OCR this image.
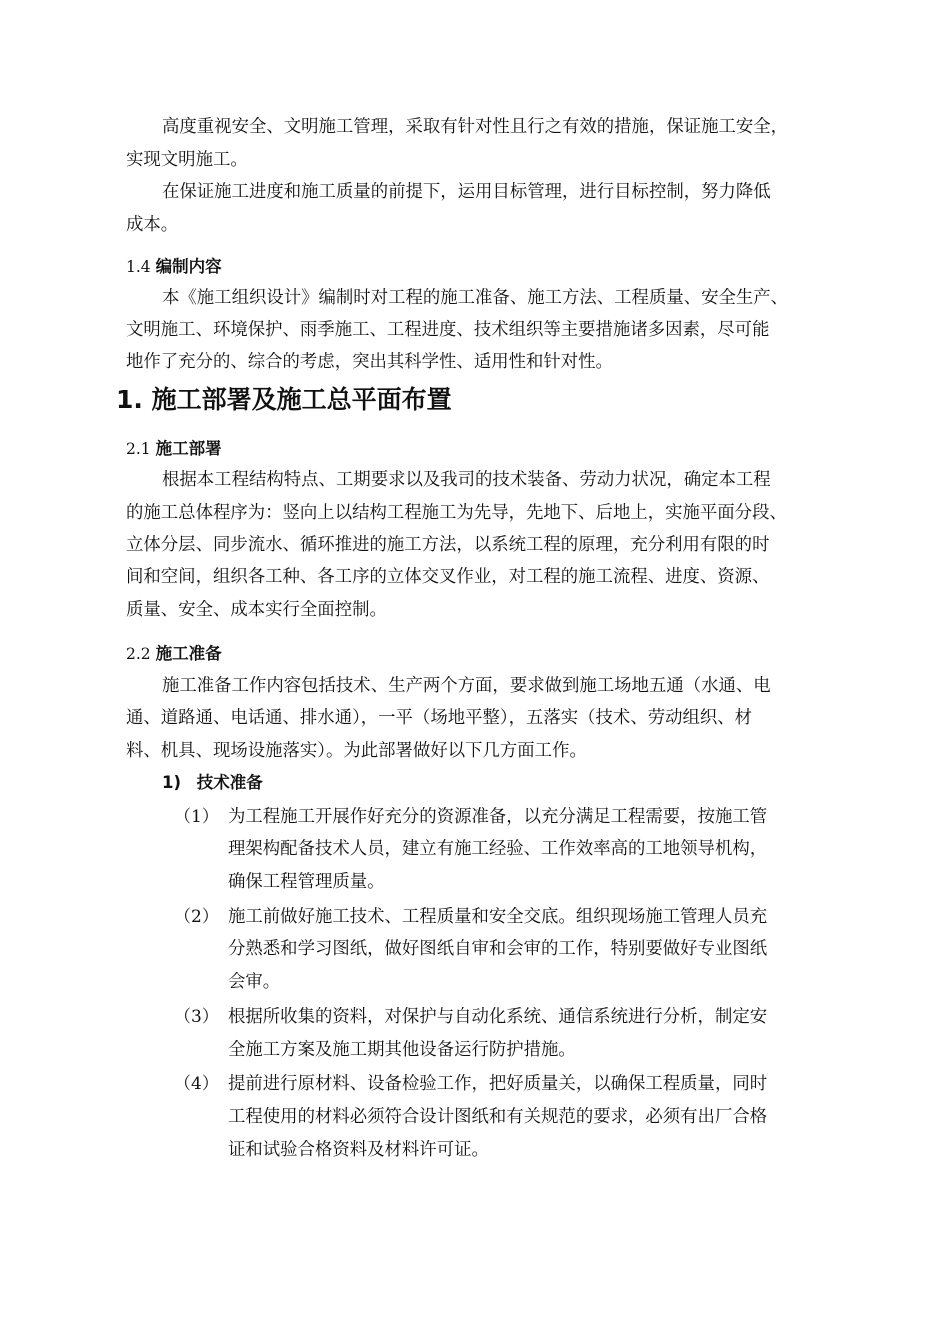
高度重视安全、文明施工管理，采取有针对性且行之有效的措施，保证施工安全，
实现文明施工。
在保证施工进度和施工质量的前提下，运用目标管理，进行目标控制，努力降低
成本。
1.4 编制内容
本《施工组织设计》编制时对工程的施工准备、施工方法、工程质量、安全生产、
文明施工、环境保护、雨季施工、工程进度、技术组织等主要措施诸多因素，尽可能
地作了充分的、综合的考虑，突出其科学性、适用性和针对性。
1. 施工部署及施工总平面布置
2.1 施工部署
根据本工程结构特点、工期要求以及我司的技术装备、劳动力状况，确定本工程
的施工总体程序为：竖向上以结构工程施工为先导，先地下、后地上，实施平面分段、
立体分层、同步流水、循环推进的施工方法，以系统工程的原理，充分利用有限的时
间和空间，组织各工种、各工序的立体交叉作业，对工程的施工流程、进度、资源、
质量、安全、成本实行全面控制。
2.2 施工准备
施工准备工作内容包括技术、生产两个方面，要求做到施工场地五通（水通、电
通、道路通、电话通、排水通），一平（场地平整），五落实（技术、劳动组织、材
料、机具、现场设施落实）。为此部署做好以下几方面工作。
1) 技术准备
（1） 为工程施工开展作好充分的资源准备，以充分满足工程需要，按施工管
理架构配备技术人员，建立有施工经验、工作效率高的工地领导机构，
确保工程管理质量。
（2） 施工前做好施工技术、工程质量和安全交底。组织现场施工管理人员充
分熟悉和学习图纸，做好图纸自审和会审的工作，特别要做好专业图纸
会审。
（3） 根据所收集的资料，对保护与自动化系统、通信系统进行分析，制定安
全施工方案及施工期其他设备运行防护措施。
（4） 提前进行原材料、设备检验工作，把好质量关，以确保工程质量，同时
工程使用的材料必须符合设计图纸和有关规范的要求，必须有出厂合格
证和试验合格资料及材料许可证。
